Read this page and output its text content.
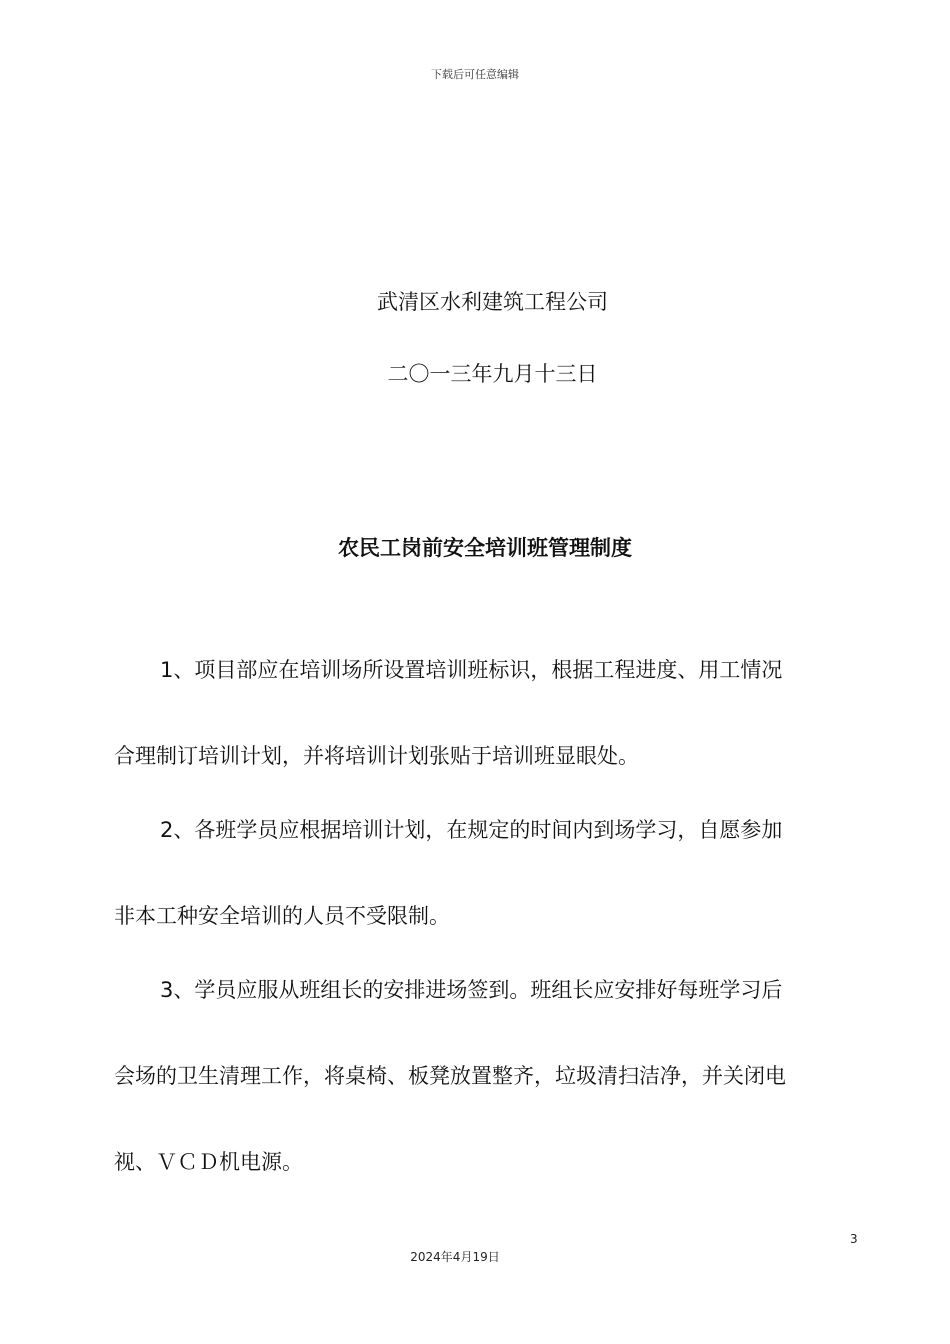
下载后可任意编辑
武清区水利建筑工程公司
二〇一三年九月十三日
农民工岗前安全培训班管理制度
1、项目部应在培训场所设置培训班标识，根据工程进度、用工情况
合理制订培训计划，并将培训计划张贴于培训班显眼处。
2、各班学员应根据培训计划，在规定的时间内到场学习，自愿参加
非本工种安全培训的人员不受限制。
3、学员应服从班组长的安排进场签到。班组长应安排好每班学习后
会场的卫生清理工作，将桌椅、板凳放置整齐，垃圾清扫洁净，并关闭电
视、ＶＣＤ机电源。
3
2024年4月19日
